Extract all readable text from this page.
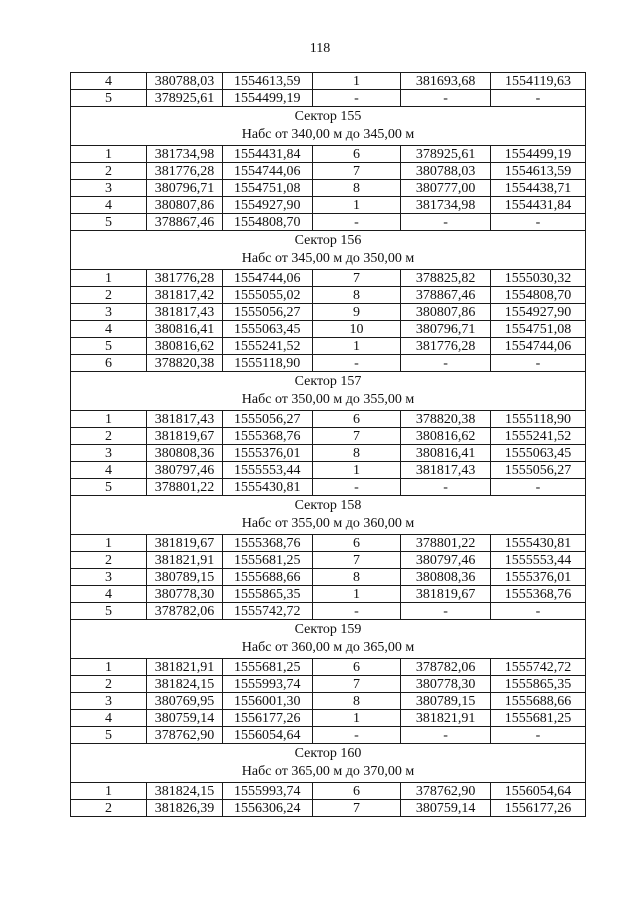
118
4	380788,03	1554613,59	1	381693,68	1554119,63
5	378925,61	1554499,19	-	-	-

Сектор 155
Набс от 340,00 м до 345,00 м					

1	381734,98	1554431,84	6	378925,61	1554499,19
2	381776,28	1554744,06	7	380788,03	1554613,59
3	380796,71	1554751,08	8	380777,00	1554438,71
4	380807,86	1554927,90	1	381734,98	1554431,84
5	378867,46	1554808,70	-	-	-

Сектор 156
Набс от 345,00 м до 350,00 м					

1	381776,28	1554744,06	7	378825,82	1555030,32
2	381817,42	1555055,02	8	378867,46	1554808,70
3	381817,43	1555056,27	9	380807,86	1554927,90
4	380816,41	1555063,45	10	380796,71	1554751,08
5	380816,62	1555241,52	1	381776,28	1554744,06
6	378820,38	1555118,90	-	-	-

Сектор 157
Набс от 350,00 м до 355,00 м					

1	381817,43	1555056,27	6	378820,38	1555118,90
2	381819,67	1555368,76	7	380816,62	1555241,52
3	380808,36	1555376,01	8	380816,41	1555063,45
4	380797,46	1555553,44	1	381817,43	1555056,27
5	378801,22	1555430,81	-	-	-

Сектор 158
Набс от 355,00 м до 360,00 м					

1	381819,67	1555368,76	6	378801,22	1555430,81
2	381821,91	1555681,25	7	380797,46	1555553,44
3	380789,15	1555688,66	8	380808,36	1555376,01
4	380778,30	1555865,35	1	381819,67	1555368,76
5	378782,06	1555742,72	-	-	-

Сектор 159
Набс от 360,00 м до 365,00 м					

1	381821,91	1555681,25	6	378782,06	1555742,72
2	381824,15	1555993,74	7	380778,30	1555865,35
3	380769,95	1556001,30	8	380789,15	1555688,66
4	380759,14	1556177,26	1	381821,91	1555681,25
5	378762,90	1556054,64	-	-	-

Сектор 160
Набс от 365,00 м до 370,00 м					

1	381824,15	1555993,74	6	378762,90	1556054,64
2	381826,39	1556306,24	7	380759,14	1556177,26
